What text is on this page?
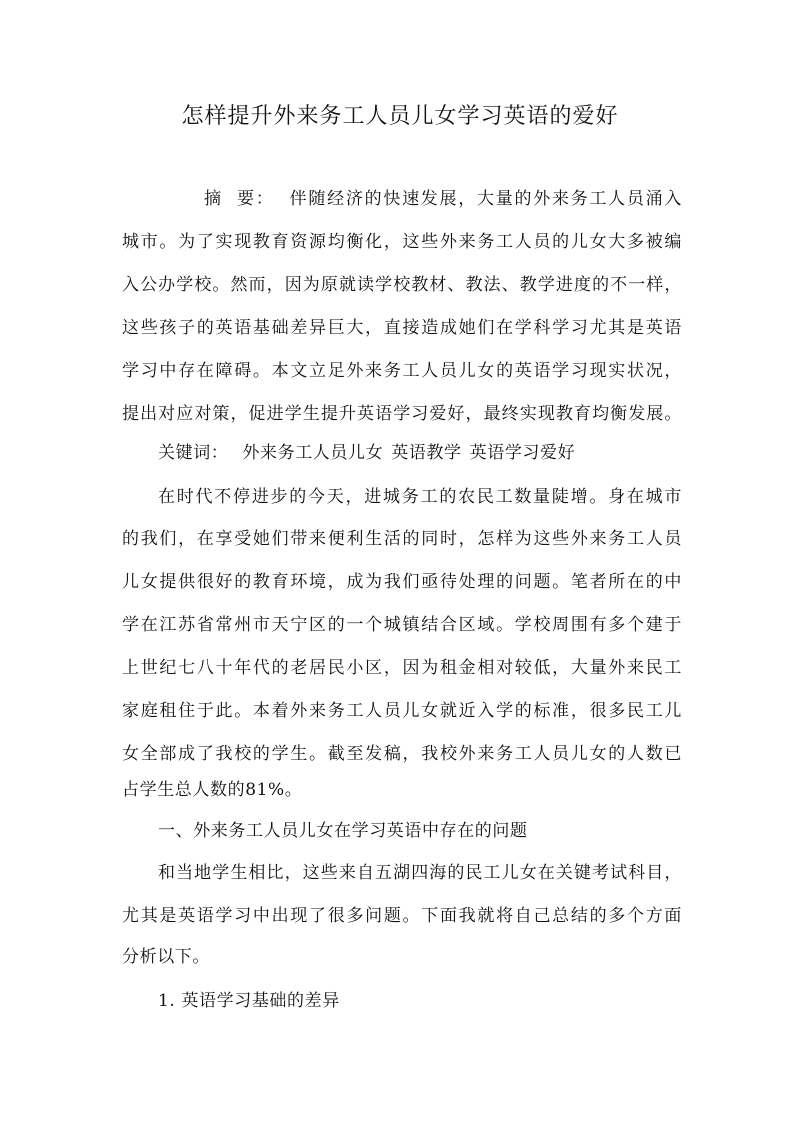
怎样提升外来务工人员儿女学习英语的爱好
摘  要： 伴随经济的快速发展，大量的外来务工人员涌入
城市。为了实现教育资源均衡化，这些外来务工人员的儿女大多被编
入公办学校。然而，因为原就读学校教材、教法、教学进度的不一样，
这些孩子的英语基础差异巨大，直接造成她们在学科学习尤其是英语
学习中存在障碍。本文立足外来务工人员儿女的英语学习现实状况，
提出对应对策，促进学生提升英语学习爱好，最终实现教育均衡发展。
关键词： 外来务工人员儿女 英语教学 英语学习爱好
在时代不停进步的今天，进城务工的农民工数量陡增。身在城市
的我们，在享受她们带来便利生活的同时，怎样为这些外来务工人员
儿女提供很好的教育环境，成为我们亟待处理的问题。笔者所在的中
学在江苏省常州市天宁区的一个城镇结合区域。学校周围有多个建于
上世纪七八十年代的老居民小区，因为租金相对较低，大量外来民工
家庭租住于此。本着外来务工人员儿女就近入学的标准，很多民工儿
女全部成了我校的学生。截至发稿，我校外来务工人员儿女的人数已
占学生总人数的81%。
一、外来务工人员儿女在学习英语中存在的问题
和当地学生相比，这些来自五湖四海的民工儿女在关键考试科目，
尤其是英语学习中出现了很多问题。下面我就将自己总结的多个方面
分析以下。
1. 英语学习基础的差异
